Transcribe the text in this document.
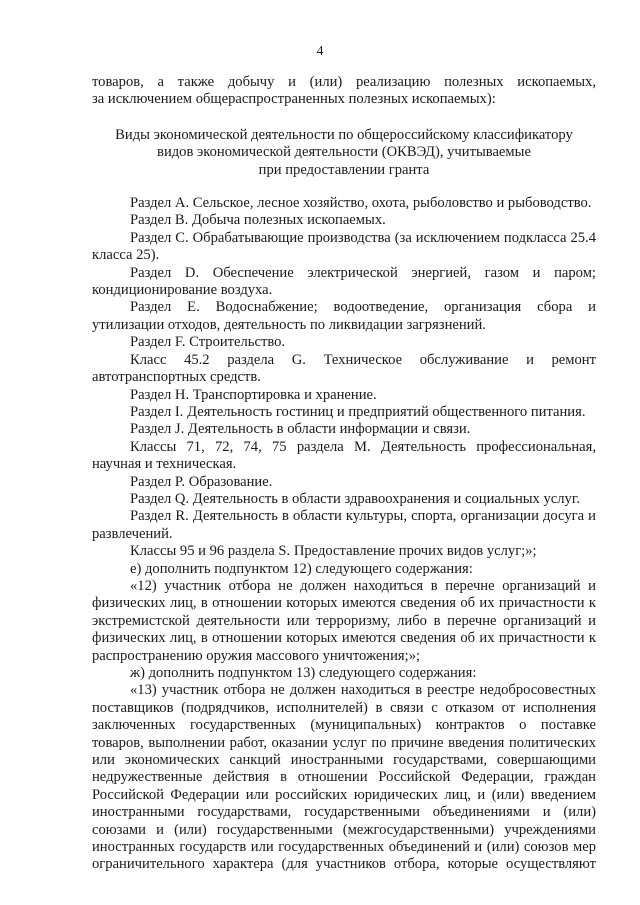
4

товаров, а также добычу и (или) реализацию полезных ископаемых,

за исключением общераспространенных полезных ископаемых):

Виды экономической деятельности по общероссийскому классификатору

видов экономической деятельности (ОКВЭД), учитываемые

при предоставлении гранта

Раздел A. Сельское, лесное хозяйство, охота, рыболовство и рыбоводство.

Раздел B. Добыча полезных ископаемых.

Раздел C. Обрабатывающие производства (за исключением подкласса 25.4 класса 25).

Раздел D. Обеспечение электрической энергией, газом и паром; кондиционирование воздуха.

Раздел E. Водоснабжение; водоотведение, организация сбора и утилизации отходов, деятельность по ликвидации загрязнений.

Раздел F. Строительство.

Класс 45.2 раздела G. Техническое обслуживание и ремонт автотранспортных средств.

Раздел H. Транспортировка и хранение.

Раздел I. Деятельность гостиниц и предприятий общественного питания.

Раздел J. Деятельность в области информации и связи.

Классы 71, 72, 74, 75 раздела M. Деятельность профессиональная, научная и техническая.

Раздел P. Образование.

Раздел Q. Деятельность в области здравоохранения и социальных услуг.

Раздел R. Деятельность в области культуры, спорта, организации досуга и развлечений.

Классы 95 и 96 раздела S. Предоставление прочих видов услуг;»;

е) дополнить подпунктом 12) следующего содержания:

«12) участник отбора не должен находиться в перечне организаций и физических лиц, в отношении которых имеются сведения об их причастности к экстремистской деятельности или терроризму, либо в перечне организаций и физических лиц, в отношении которых имеются сведения об их причастности к распространению оружия массового уничтожения;»;

ж) дополнить подпунктом 13) следующего содержания:

«13) участник отбора не должен находиться в реестре недобросовестных поставщиков (подрядчиков, исполнителей) в связи с отказом от исполнения заключенных государственных (муниципальных) контрактов о поставке товаров, выполнении работ, оказании услуг по причине введения политических или экономических санкций иностранными государствами, совершающими недружественные действия в отношении Российской Федерации, граждан Российской Федерации или российских юридических лиц, и (или) введением иностранными государствами, государственными объединениями и (или) союзами и (или) государственными (межгосударственными) учреждениями иностранных государств или государственных объединений и (или) союзов мер ограничительного характера (для участников отбора, которые осуществляют
